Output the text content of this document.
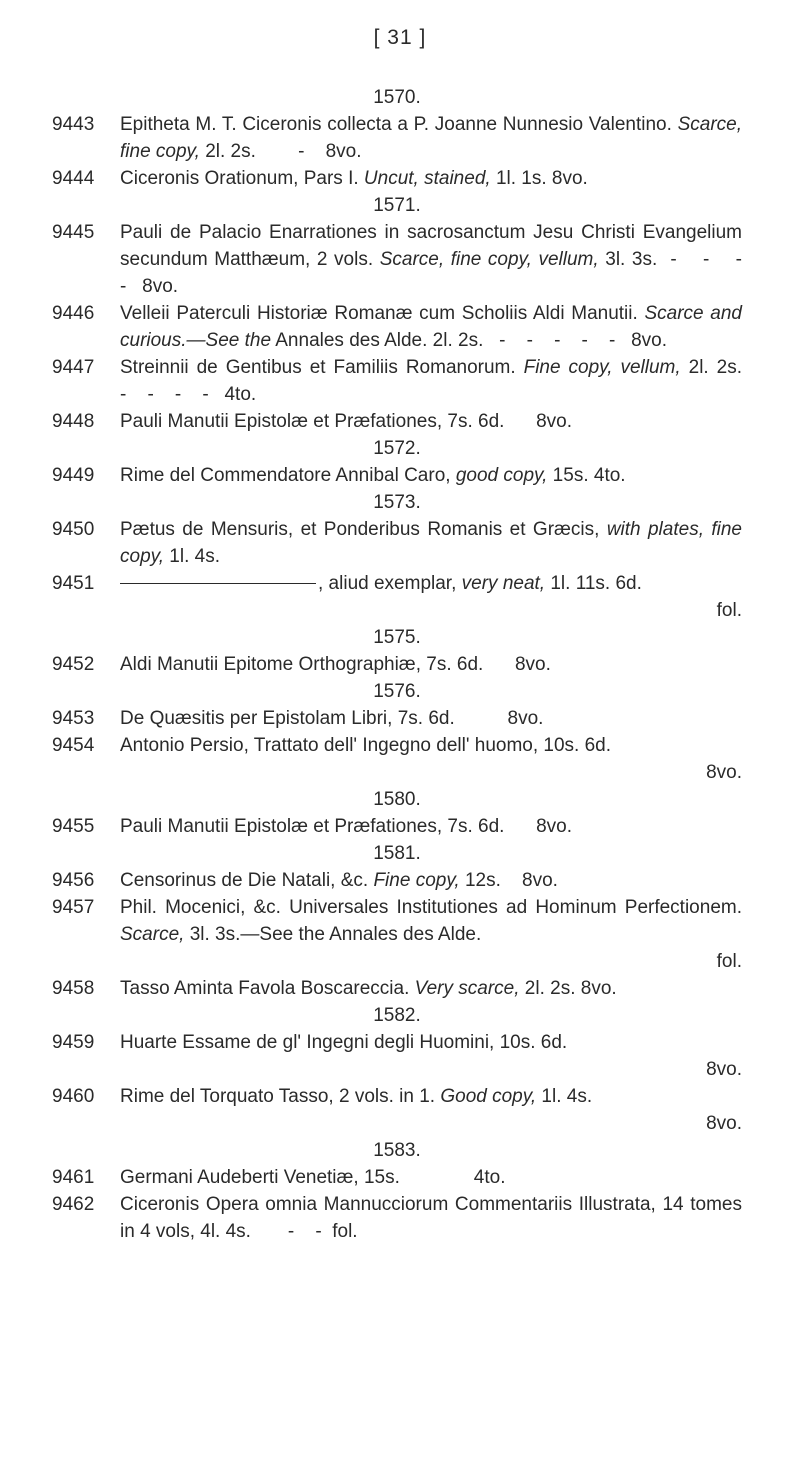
[ 31 ]
1570.
9443	Epitheta M. T. Ciceronis collecta a P. Joanne Nunnesio Valentino. Scarce, fine copy, 2l. 2s.        -    8vo.
9444	Ciceronis Orationum, Pars I. Uncut, stained, 1l. 1s. 8vo.
1571.
9445	Pauli de Palacio Enarrationes in sacrosanctum Jesu Christi Evangelium secundum Matthæum, 2 vols. Scarce, fine copy, vellum, 3l. 3s.  -    -    -    -   8vo.
9446	Velleii Paterculi Historiæ Romanæ cum Scholiis Aldi Manutii. Scarce and curious.—See the Annales des Alde. 2l. 2s.   -    -    -    -    -   8vo.
9447	Streinnii de Gentibus et Familiis Romanorum. Fine copy, vellum, 2l. 2s.    -    -    -    -   4to.
9448	Pauli Manutii Epistolæ et Præfationes, 7s. 6d.      8vo.
1572.
9449	Rime del Commendatore Annibal Caro, good copy, 15s. 4to.
1573.
9450	Pætus de Mensuris, et Ponderibus Romanis et Græcis, with plates, fine copy, 1l. 4s.
9451	, aliud exemplar, very neat, 1l. 11s. 6d.
fol.
1575.
9452	Aldi Manutii Epitome Orthographiæ, 7s. 6d.      8vo.
1576.
9453	De Quæsitis per Epistolam Libri, 7s. 6d.          8vo.
9454	Antonio Persio, Trattato dell' Ingegno dell' huomo, 10s. 6d.
8vo.
1580.
9455	Pauli Manutii Epistolæ et Præfationes, 7s. 6d.      8vo.
1581.
9456	Censorinus de Die Natali, &c. Fine copy, 12s.    8vo.
9457	Phil. Mocenici, &c. Universales Institutiones ad Hominum Perfectionem. Scarce, 3l. 3s.—See the Annales des Alde.
fol.
9458	Tasso Aminta Favola Boscareccia. Very scarce, 2l. 2s. 8vo.
1582.
9459	Huarte Essame de gl' Ingegni degli Huomini, 10s. 6d.
8vo.
9460	Rime del Torquato Tasso, 2 vols. in 1. Good copy, 1l. 4s.
8vo.
1583.
9461	Germani Audeberti Venetiæ, 15s.              4to.
9462	Ciceronis Opera omnia Mannucciorum Commentariis Illustrata, 14 tomes in 4 vols, 4l. 4s.       -    -  fol.
